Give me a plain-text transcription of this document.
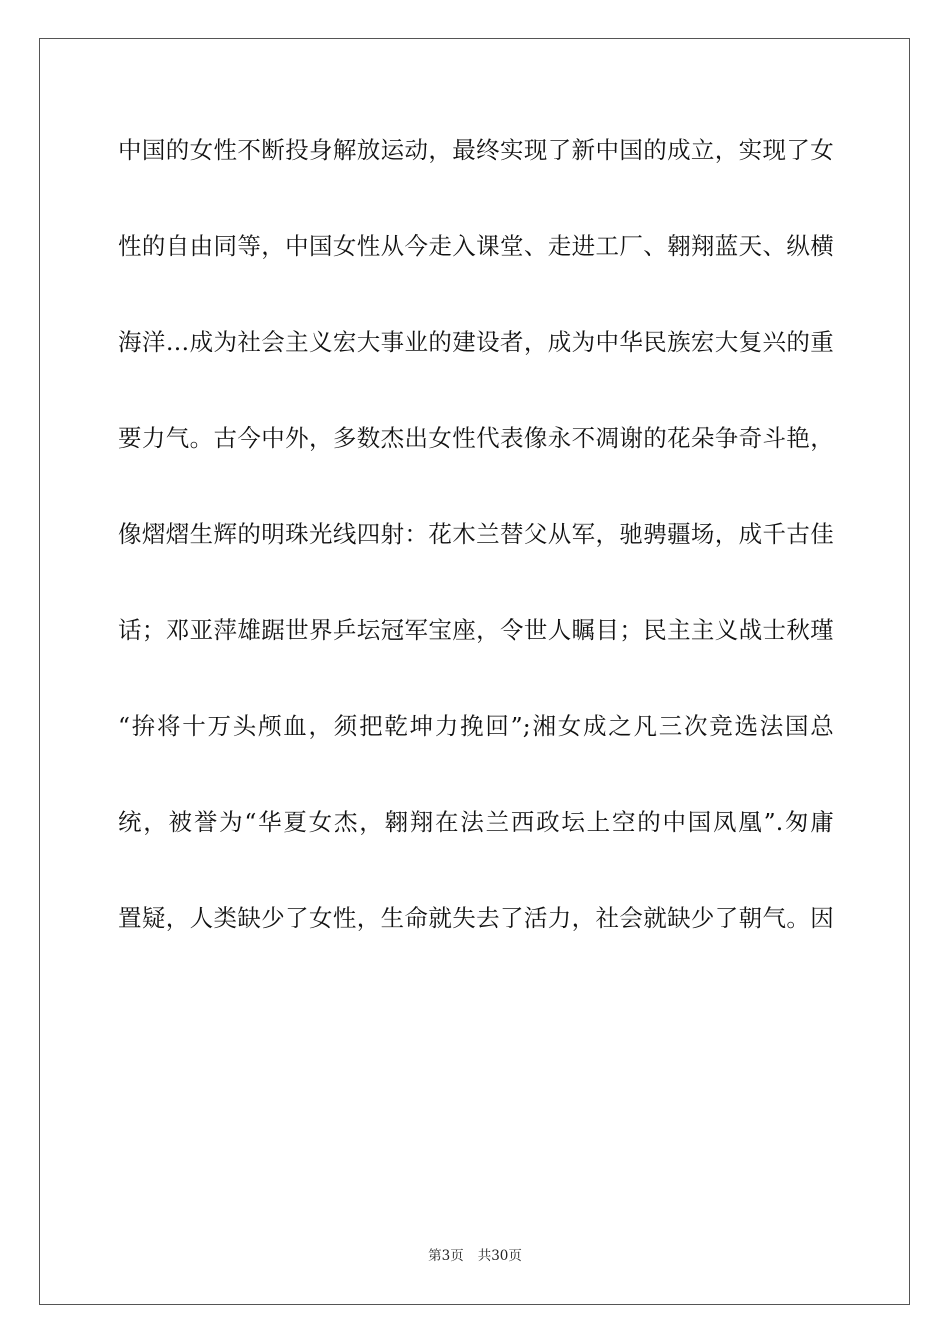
中国的女性不断投身解放运动，最终实现了新中国的成立，实现了女
性的自由同等，中国女性从今走入课堂、走进工厂、翱翔蓝天、纵横
海洋…成为社会主义宏大事业的建设者，成为中华民族宏大复兴的重
要力气。古今中外，多数杰出女性代表像永不凋谢的花朵争奇斗艳，
像熠熠生辉的明珠光线四射：花木兰替父从军，驰骋疆场，成千古佳
话；邓亚萍雄踞世界乒坛冠军宝座，令世人瞩目；民主主义战士秋瑾
“拚将十万头颅血，须把乾坤力挽回”;湘女成之凡三次竞选法国总
统，被誉为“华夏女杰，翱翔在法兰西政坛上空的中国凤凰”.匆庸
置疑，人类缺少了女性，生命就失去了活力，社会就缺少了朝气。因
第3页 共30页
